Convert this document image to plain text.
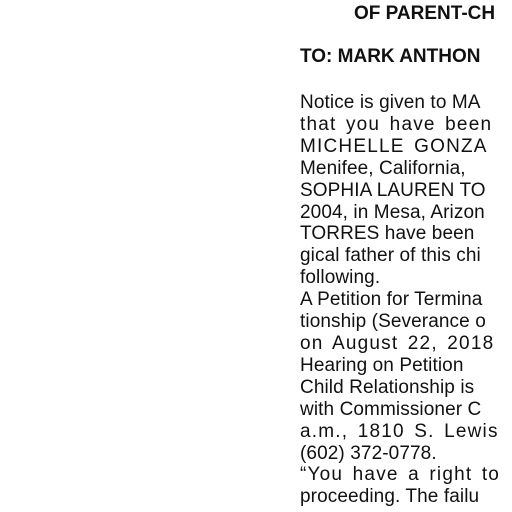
OF PARENT-CH
TO: MARK ANTHON
Notice is given to MA
that you have been
MICHELLE GONZA
Menifee, California,
SOPHIA LAUREN TO
2004, in Mesa, Arizon
TORRES have been
gical father of this chi
following.
A Petition for Termina
tionship (Severance o
on August 22, 2018
Hearing on Petition
Child Relationship is
with Commissioner C
a.m., 1810 S. Lewis
(602) 372-0778.
“You have a right to
proceeding. The failu
